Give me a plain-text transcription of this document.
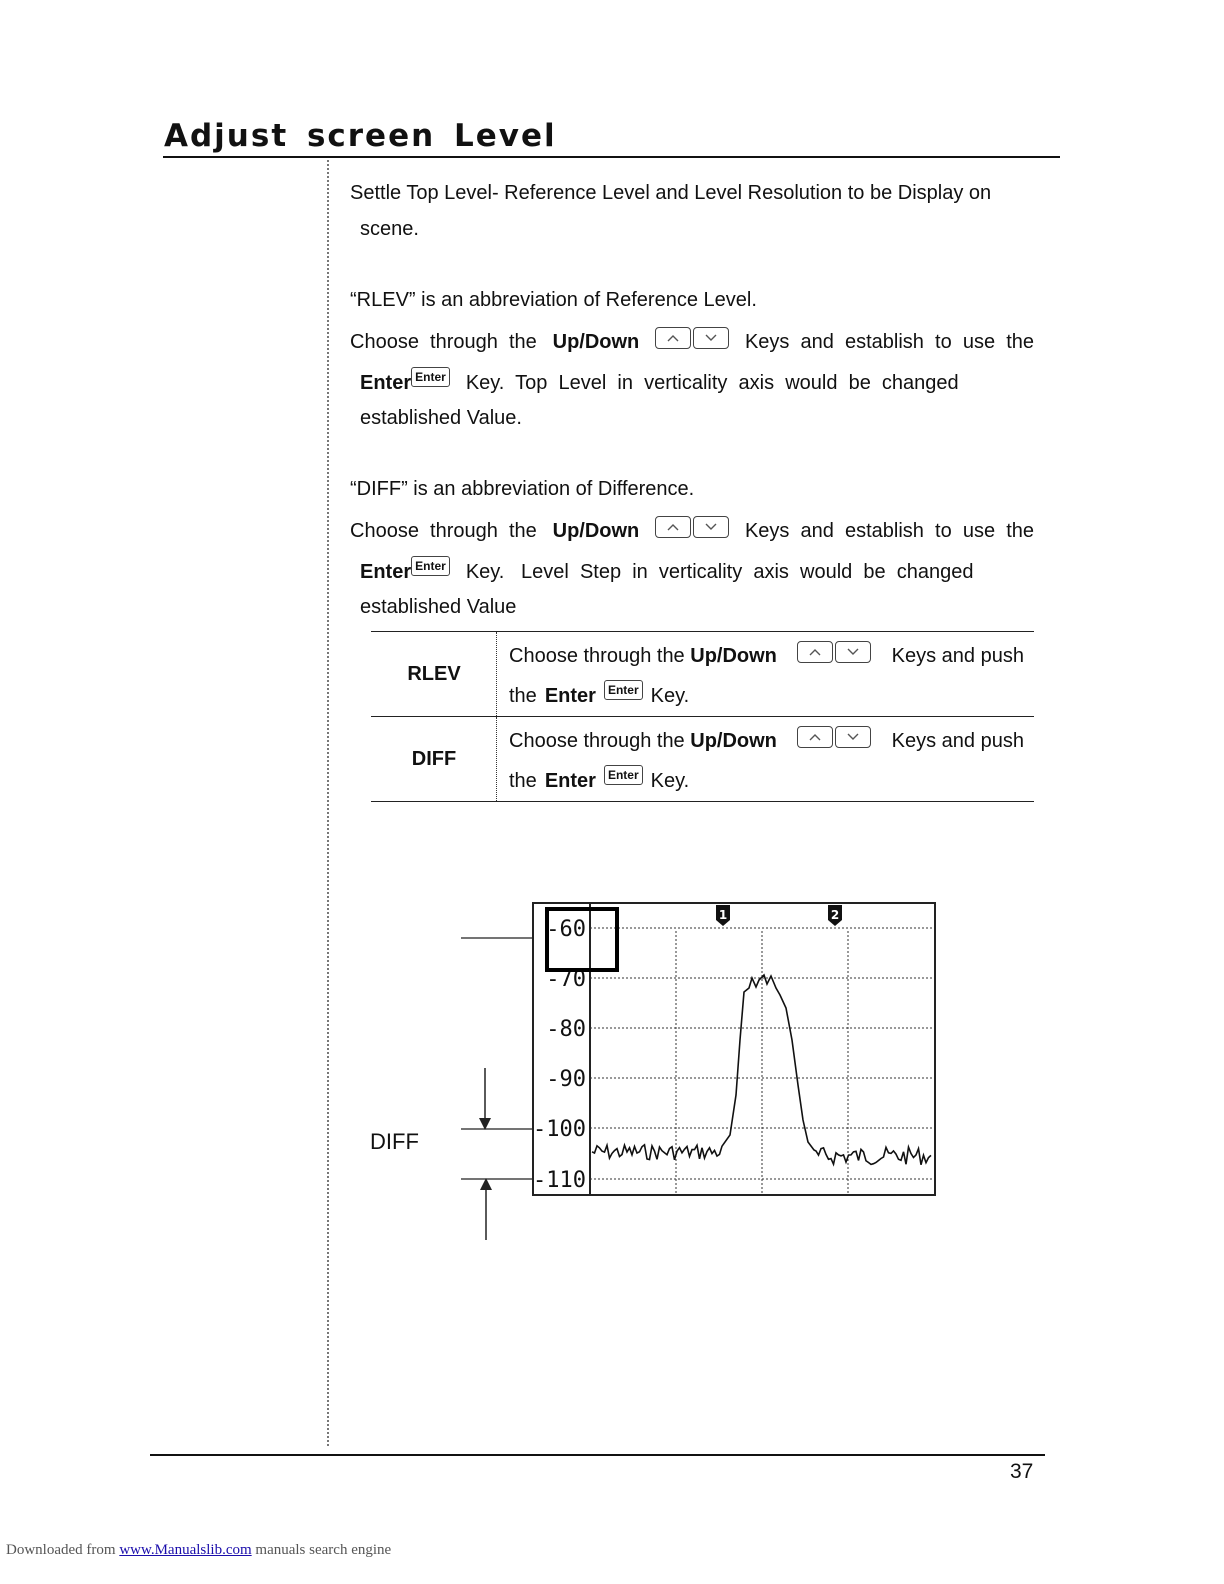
Adjust screen Level
Settle Top Level- Reference Level and Level Resolution to be Display on
scene.
“RLEV” is an abbreviation of Reference Level.
Choose  through  the Up/Down	Keys  and  establish  to  use  the
Enter Enter Key.  Top  Level  in  verticality  axis  would  be  changed
established Value.
“DIFF” is an abbreviation of Difference.
Choose  through  the Up/Down	Keys  and  establish  to  use  the
Enter Enter Key.   Level  Step  in  verticality  axis  would  be  changed
established Value
RLEV
Choose through the Up/Down	Keys and push
the Enter	Enter Key.
DIFF
Choose through the Up/Down	Keys and push
the Enter	Enter Key.
DIFF
-60
-70
-80
-90
-100
-110
1	2
37
Downloaded from www.Manualslib.com manuals search engine
